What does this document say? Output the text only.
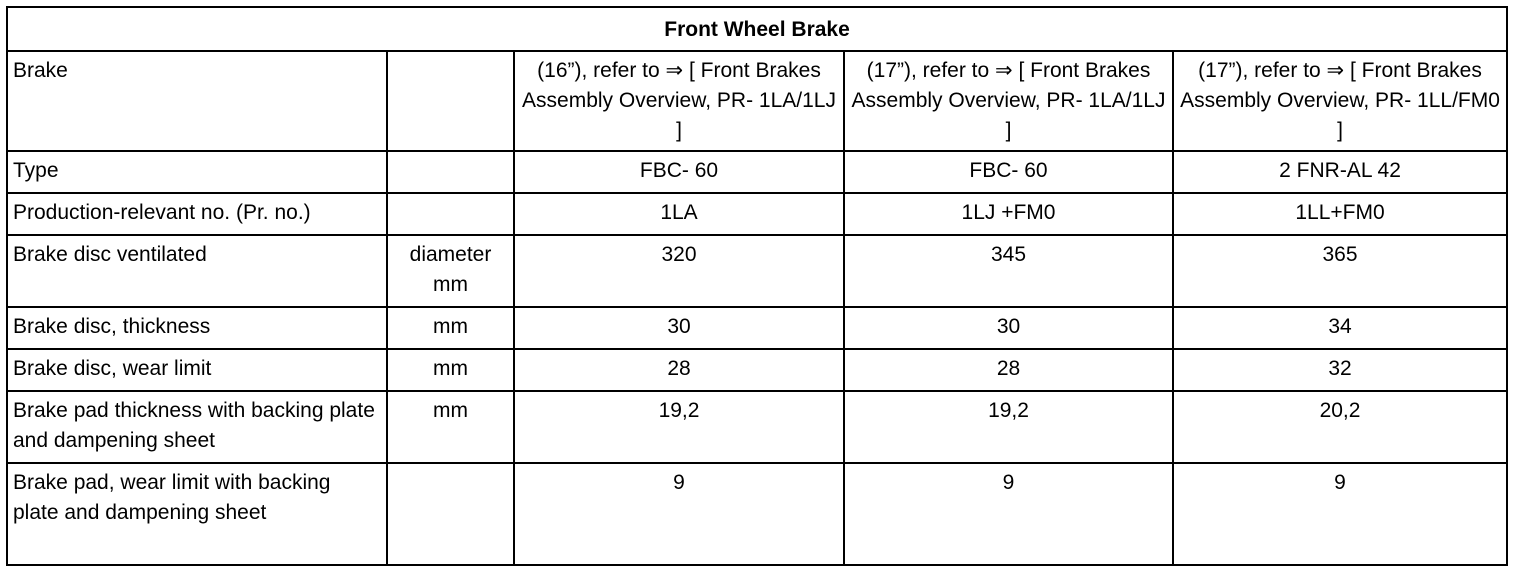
Front Wheel Brake				
Brake		(16”), refer to ⇒ [ Front Brakes Assembly Overview, PR- 1LA/1LJ ]	(17”), refer to ⇒ [ Front Brakes Assembly Overview, PR- 1LA/1LJ ]	(17”), refer to ⇒ [ Front Brakes Assembly Overview, PR- 1LL/FM0 ]
Type		FBC- 60	FBC- 60	2 FNR-AL 42
Production-relevant no. (Pr. no.)		1LA	1LJ +FM0	1LL+FM0
Brake disc ventilated	diameter mm	320	345	365
Brake disc, thickness	mm	30	30	34
Brake disc, wear limit	mm	28	28	32
Brake pad thickness with backing plate and dampening sheet	mm	19,2	19,2	20,2
Brake pad, wear limit with backing plate and dampening sheet		9	9	9
